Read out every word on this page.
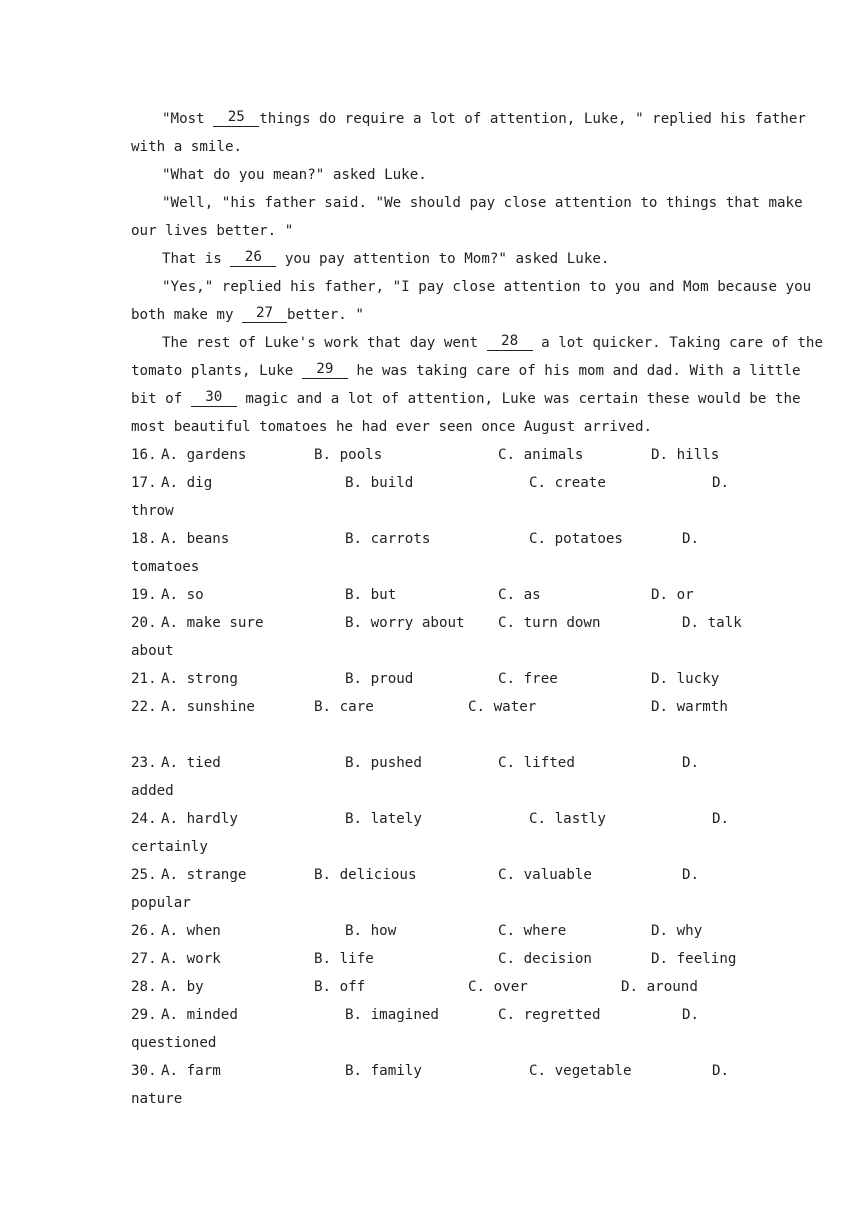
"Most 25 things do require a lot of attention, Luke, " replied his father
with a smile.
"What do you mean?" asked Luke.
"Well, "his father said. "We should pay close attention to things that make
our lives better. "
That is 26 you pay attention to Mom?" asked Luke.
"Yes," replied his father, "I pay close attention to you and Mom because you
both make my 27 better. "
The rest of Luke's work that day went 28 a lot quicker. Taking care of the
tomato plants, Luke 29 he was taking care of his mom and dad. With a little
bit of 30 magic and a lot of attention, Luke was certain these would be the
most beautiful tomatoes he had ever seen once August arrived.
16. A. gardens	B. pools	C. animals	D. hills
17. A. dig	B. build	C. create	D.
throw
18. A. beans	B. carrots	C. potatoes	D.
tomatoes
19. A. so	B. but	C. as	D. or
20. A. make sure	B. worry about C. turn down	D. talk
about
21. A. strong	B. proud	C. free	D. lucky
22. A. sunshine	B. care	C. water	D. warmth
23. A. tied	B. pushed	C. lifted	D.
added
24. A. hardly	B. lately	C. lastly	D.
certainly
25. A. strange	B. delicious	C. valuable	D.
popular
26. A. when	B. how	C. where	D. why
27. A. work	B. life	C. decision	D. feeling
28. A. by	B. off	C. over	D. around
29. A. minded	B. imagined	C. regretted	D.
questioned
30. A. farm	B. family	C. vegetable	D.
nature
